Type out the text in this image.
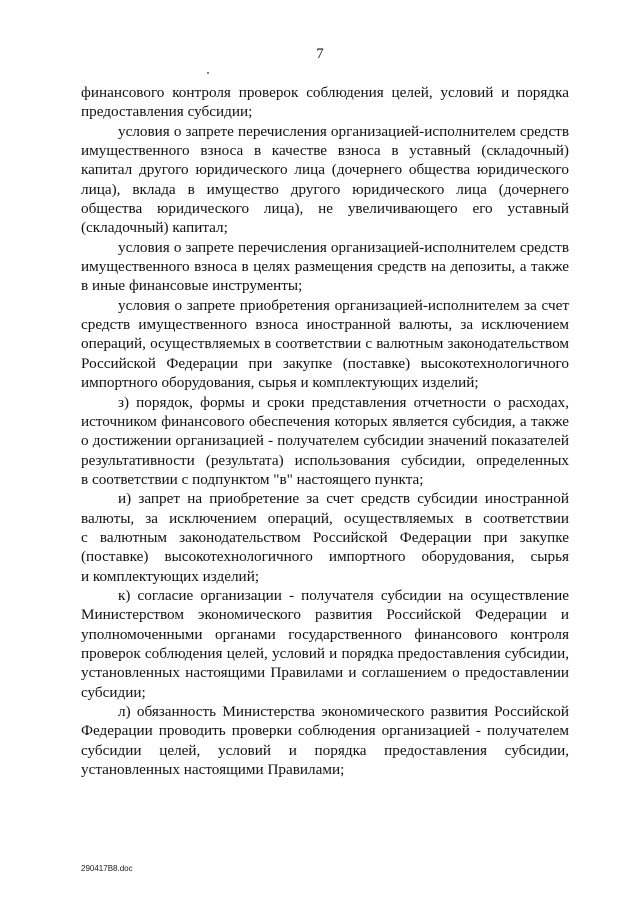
7
финансового контроля проверок соблюдения целей, условий и порядка
предоставления субсидии;
условия о запрете перечисления организацией-исполнителем средств
имущественного взноса в качестве взноса в уставный (складочный)
капитал другого юридического лица (дочернего общества юридического
лица), вклада в имущество другого юридического лица (дочернего
общества юридического лица), не увеличивающего его уставный
(складочный) капитал;
условия о запрете перечисления организацией-исполнителем средств
имущественного взноса в целях размещения средств на депозиты, а также
в иные финансовые инструменты;
условия о запрете приобретения организацией-исполнителем за счет
средств имущественного взноса иностранной валюты, за исключением
операций, осуществляемых в соответствии с валютным законодательством
Российской Федерации при закупке (поставке) высокотехнологичного
импортного оборудования, сырья и комплектующих изделий;
з) порядок, формы и сроки представления отчетности о расходах,
источником финансового обеспечения которых является субсидия, а также
о достижении организацией - получателем субсидии значений показателей
результативности (результата) использования субсидии, определенных
в соответствии с подпунктом "в" настоящего пункта;
и) запрет на приобретение за счет средств субсидии иностранной
валюты, за исключением операций, осуществляемых в соответствии
с валютным законодательством Российской Федерации при закупке
(поставке) высокотехнологичного импортного оборудования, сырья
и комплектующих изделий;
к) согласие организации - получателя субсидии на осуществление
Министерством экономического развития Российской Федерации и
уполномоченными органами государственного финансового контроля
проверок соблюдения целей, условий и порядка предоставления субсидии,
установленных настоящими Правилами и соглашением о предоставлении
субсидии;
л) обязанность Министерства экономического развития Российской
Федерации проводить проверки соблюдения организацией - получателем
субсидии целей, условий и порядка предоставления субсидии,
установленных настоящими Правилами;
290417B8.doc
